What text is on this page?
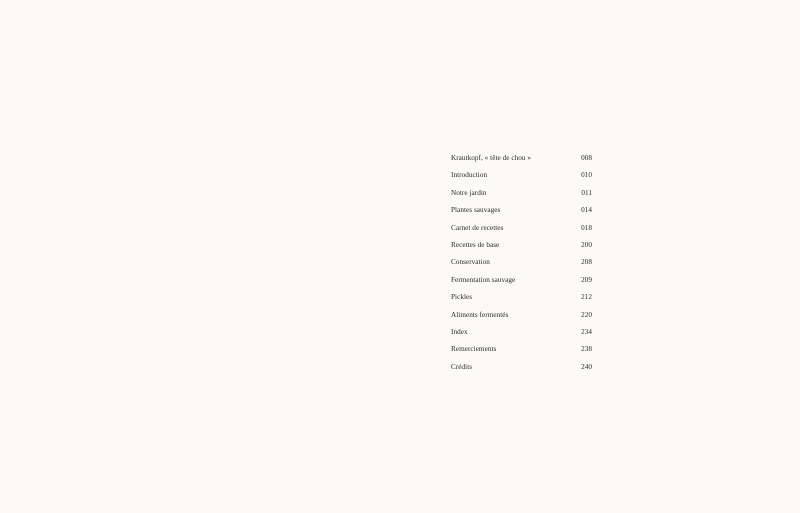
Krautkopf, « tête de chou »	008
Introduction	010
Notre jardin	011
Plantes sauvages	014
Carnet de recettes	018
Recettes de base	200
Conservation	208
Fermentation sauvage	209
Pickles	212
Aliments fermentés	220
Index	234
Remerciements	238
Crédits	240
